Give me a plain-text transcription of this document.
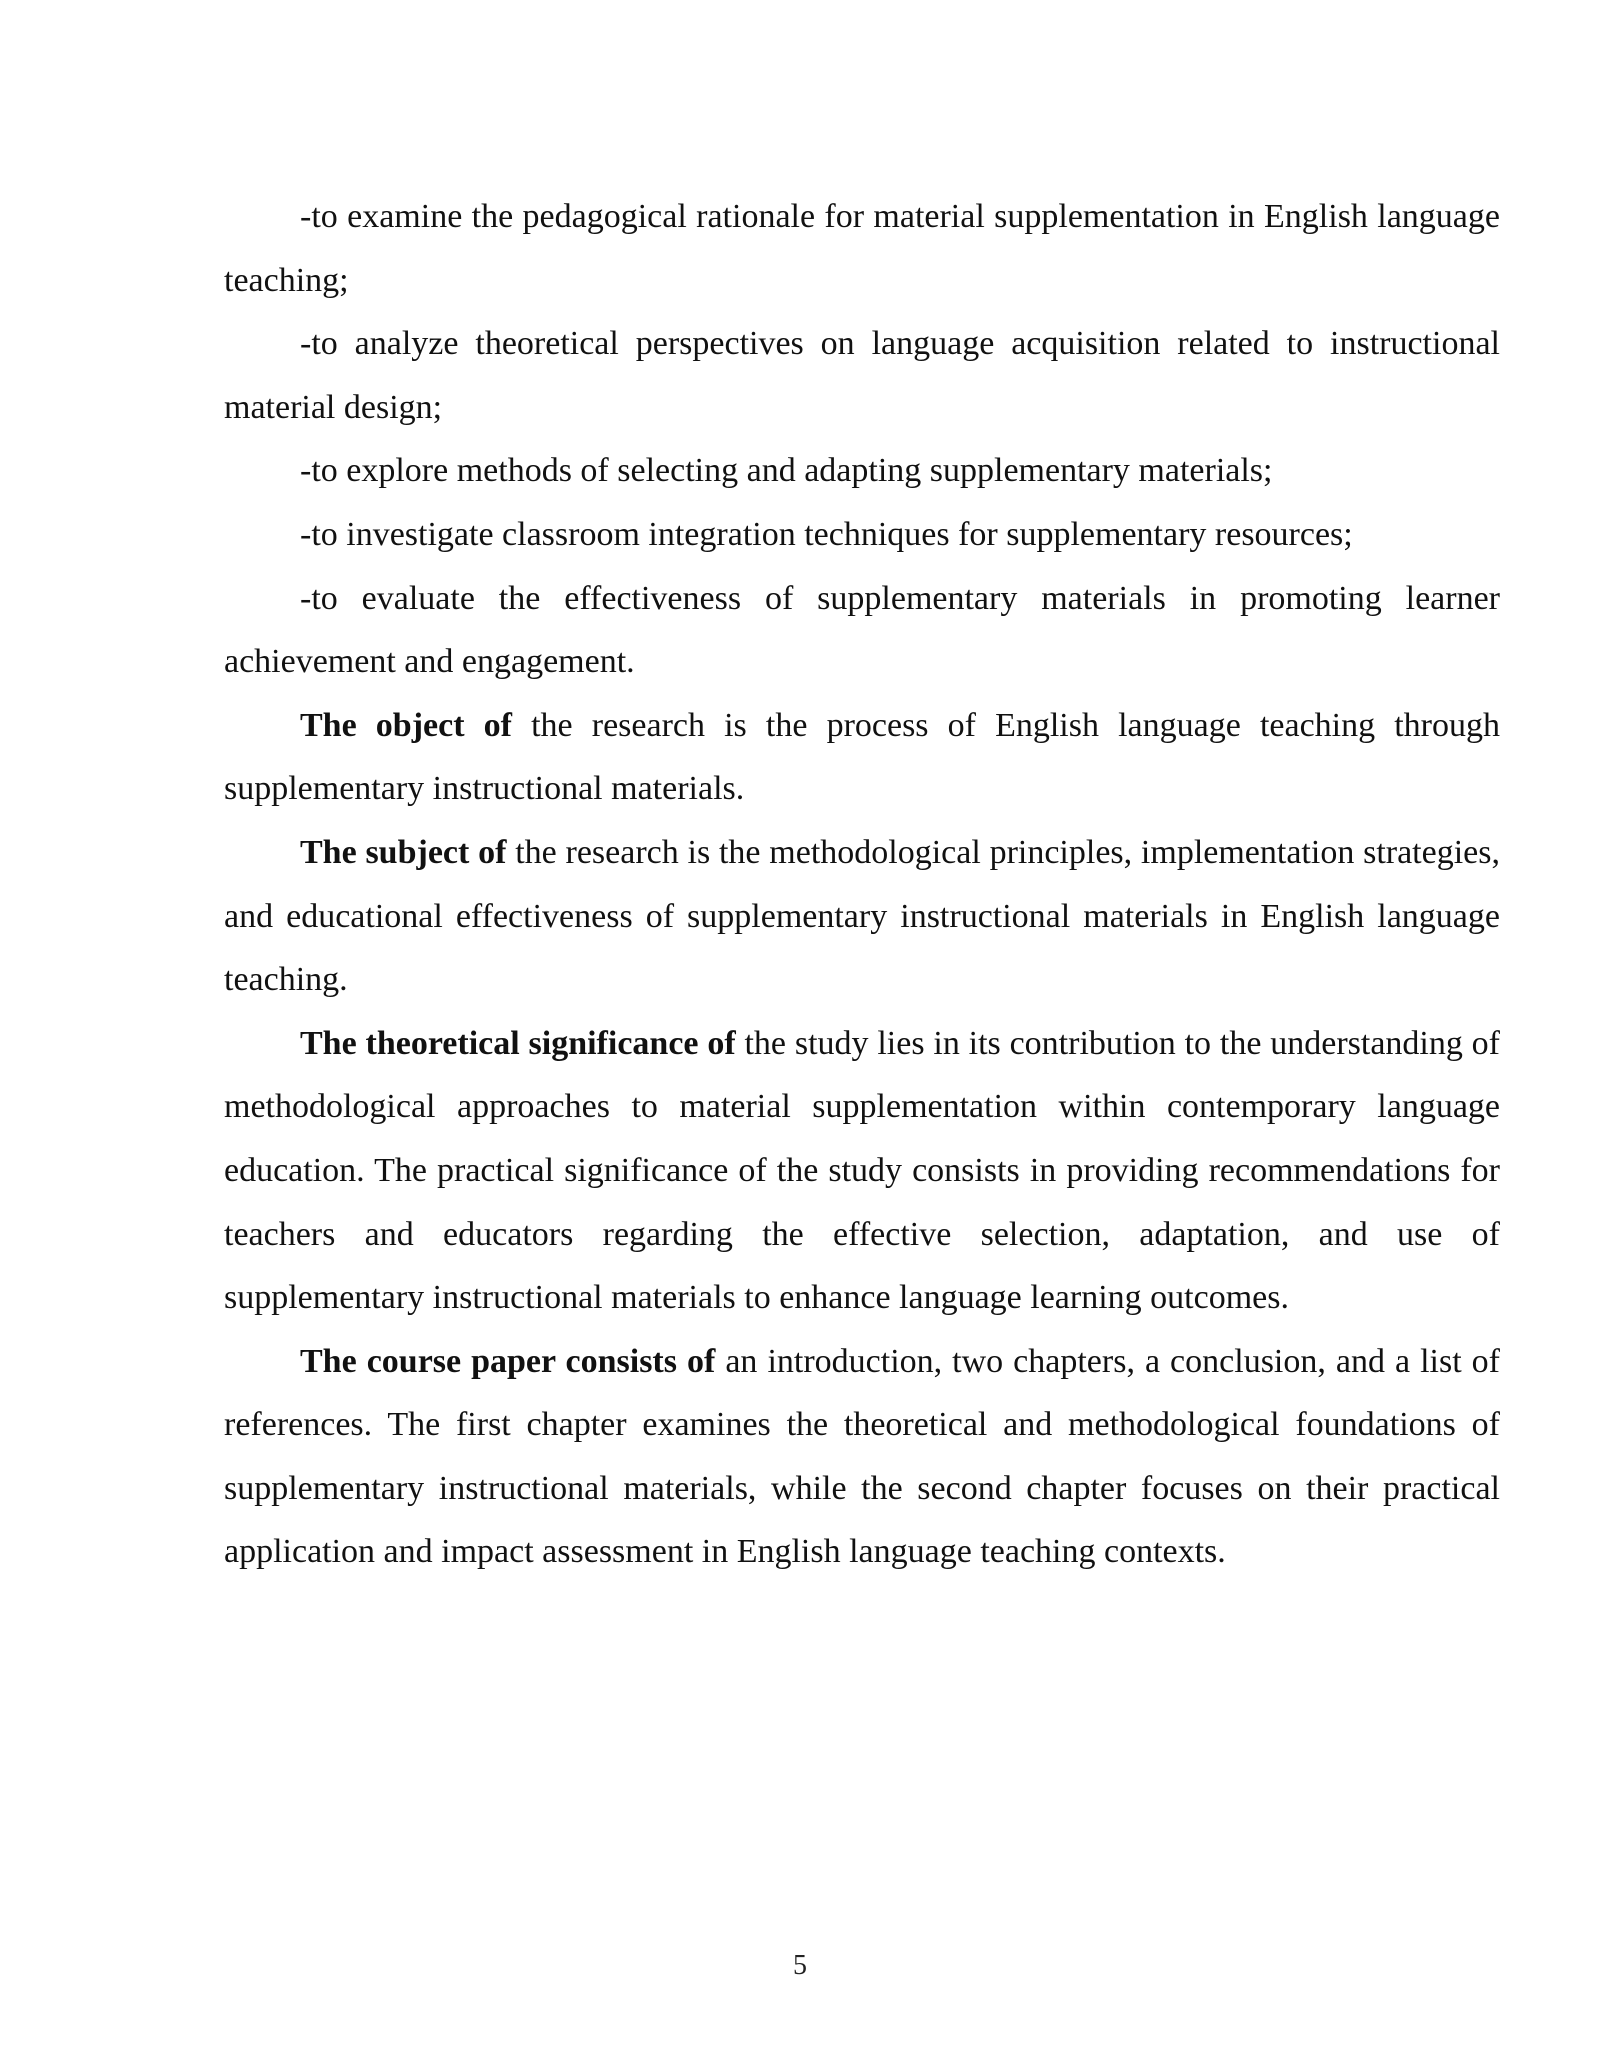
-to examine the pedagogical rationale for material supplementation in English language teaching;

-to analyze theoretical perspectives on language acquisition related to instructional material design;

-to explore methods of selecting and adapting supplementary materials;

-to investigate classroom integration techniques for supplementary resources;

-to evaluate the effectiveness of supplementary materials in promoting learner achievement and engagement.

The object of the research is the process of English language teaching through supplementary instructional materials.

The subject of the research is the methodological principles, implementation strategies, and educational effectiveness of supplementary instructional materials in English language teaching.

The theoretical significance of the study lies in its contribution to the understanding of methodological approaches to material supplementation within contemporary language education. The practical significance of the study consists in providing recommendations for teachers and educators regarding the effective selection, adaptation, and use of supplementary instructional materials to enhance language learning outcomes.

The course paper consists of an introduction, two chapters, a conclusion, and a list of references. The first chapter examines the theoretical and methodological foundations of supplementary instructional materials, while the second chapter focuses on their practical application and impact assessment in English language teaching contexts.

5
